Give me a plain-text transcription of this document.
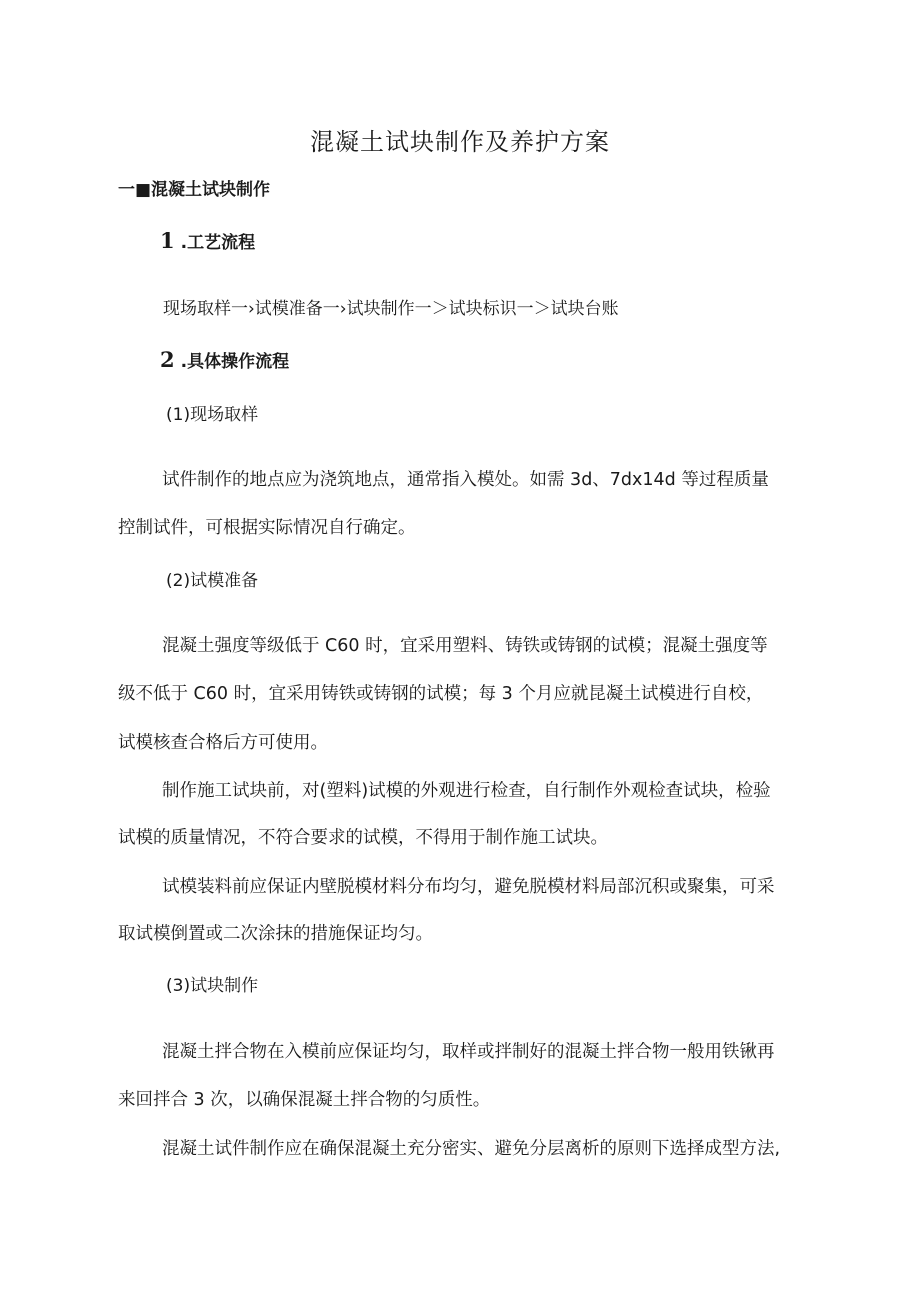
混凝土试块制作及养护方案
一■混凝土试块制作
1 .工艺流程
现场取样一›试模准备一›试块制作一＞试块标识一＞试块台账
2 .具体操作流程
(1)现场取样
试件制作的地点应为浇筑地点，通常指入模处。如需 3d、7dx14d 等过程质量
控制试件，可根据实际情况自行确定。
(2)试模准备
混凝土强度等级低于 C60 时，宜采用塑料、铸铁或铸钢的试模；混凝土强度等
级不低于 C60 时，宜采用铸铁或铸钢的试模；每 3 个月应就昆凝土试模进行自校，
试模核查合格后方可使用。
制作施工试块前，对(塑料)试模的外观进行检查，自行制作外观检查试块，检验
试模的质量情况，不符合要求的试模，不得用于制作施工试块。
试模装料前应保证内壁脱模材料分布均匀，避免脱模材料局部沉积或聚集，可采
取试模倒置或二次涂抹的措施保证均匀。
(3)试块制作
混凝土拌合物在入模前应保证均匀，取样或拌制好的混凝土拌合物一般用铁锹再
来回拌合 3 次，以确保混凝土拌合物的匀质性。
混凝土试件制作应在确保混凝土充分密实、避免分层离析的原则下选择成型方法,
